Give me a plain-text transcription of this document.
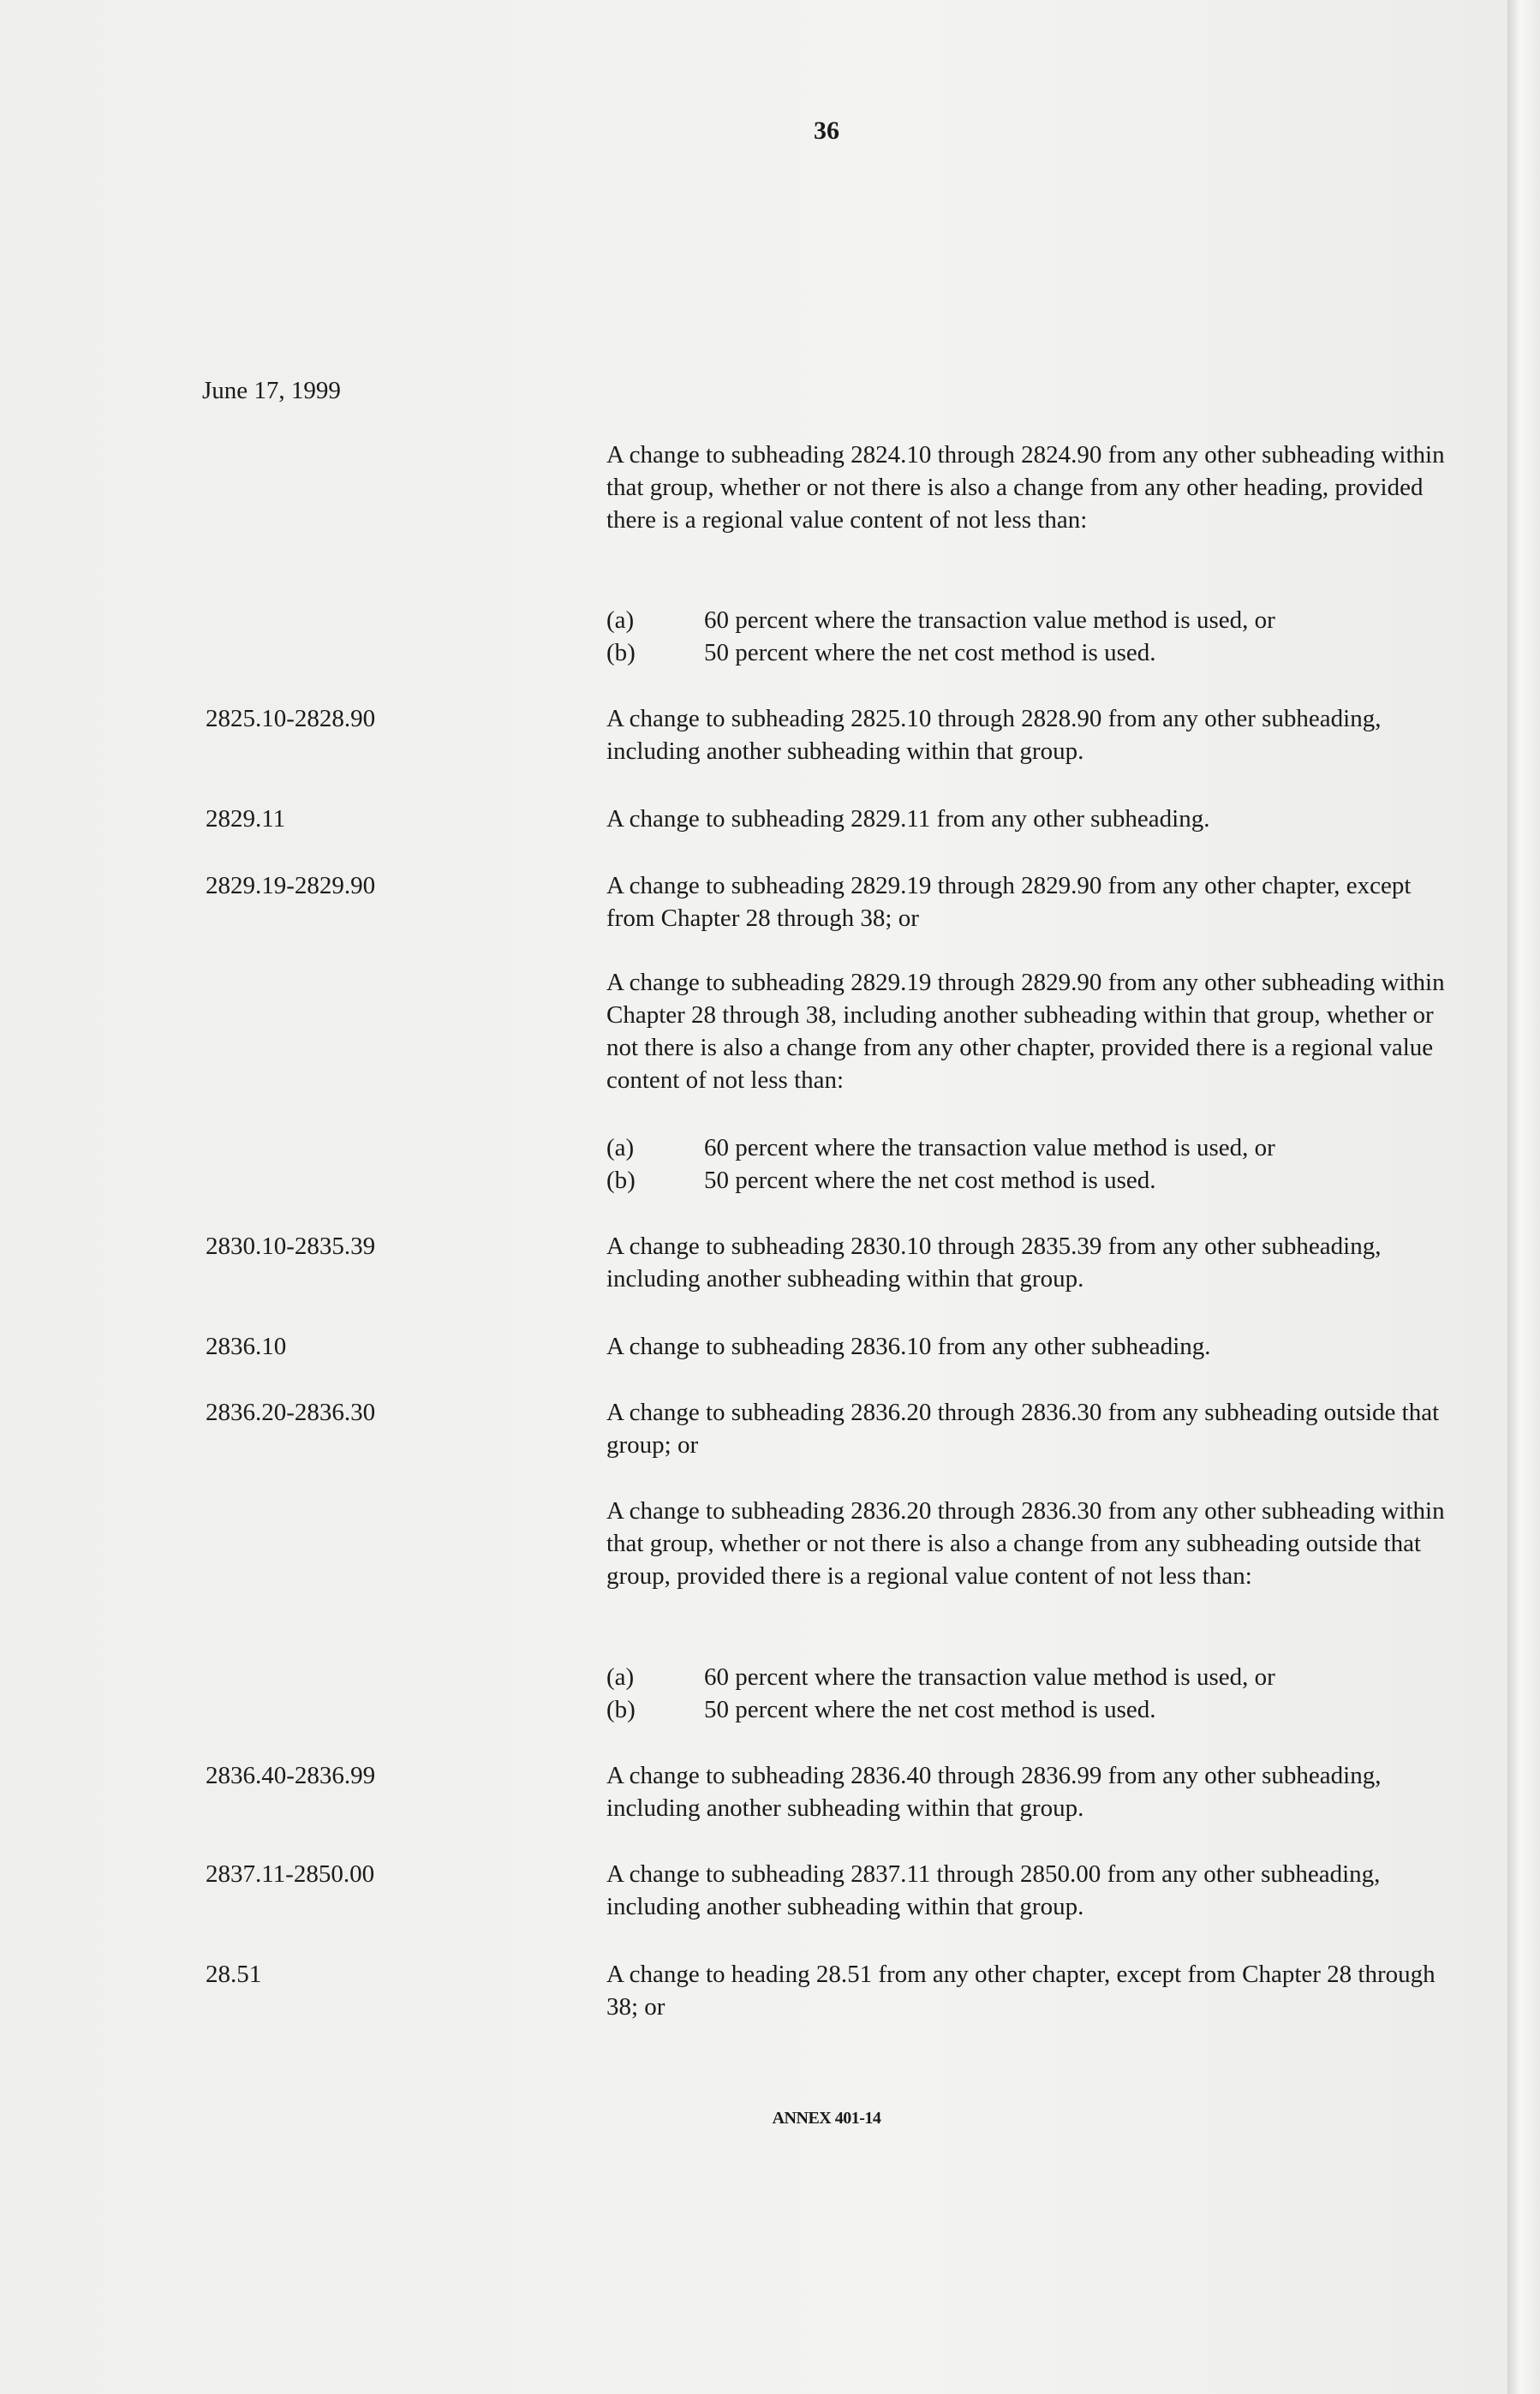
36
June 17, 1999
A change to subheading 2824.10 through 2824.90 from any other subheading within that group, whether or not there is also a change from any other heading, provided there is a regional value content of not less than:
(a)	60 percent where the transaction value method is used, or
(b)	50 percent where the net cost method is used.
2825.10-2828.90	A change to subheading 2825.10 through 2828.90 from any other subheading, including another subheading within that group.
2829.11	A change to subheading 2829.11 from any other subheading.
2829.19-2829.90	A change to subheading 2829.19 through 2829.90 from any other chapter, except from Chapter 28 through 38; or
A change to subheading 2829.19 through 2829.90 from any other subheading within Chapter 28 through 38, including another subheading within that group, whether or not there is also a change from any other chapter, provided there is a regional value content of not less than:
(a)	60 percent where the transaction value method is used, or
(b)	50 percent where the net cost method is used.
2830.10-2835.39	A change to subheading 2830.10 through 2835.39 from any other subheading, including another subheading within that group.
2836.10	A change to subheading 2836.10 from any other subheading.
2836.20-2836.30	A change to subheading 2836.20 through 2836.30 from any subheading outside that group; or
A change to subheading 2836.20 through 2836.30 from any other subheading within that group, whether or not there is also a change from any subheading outside that group, provided there is a regional value content of not less than:
(a)	60 percent where the transaction value method is used, or
(b)	50 percent where the net cost method is used.
2836.40-2836.99	A change to subheading 2836.40 through 2836.99 from any other subheading, including another subheading within that group.
2837.11-2850.00	A change to subheading 2837.11 through 2850.00 from any other subheading, including another subheading within that group.
28.51	A change to heading 28.51 from any other chapter, except from Chapter 28 through 38; or
ANNEX 401-14
